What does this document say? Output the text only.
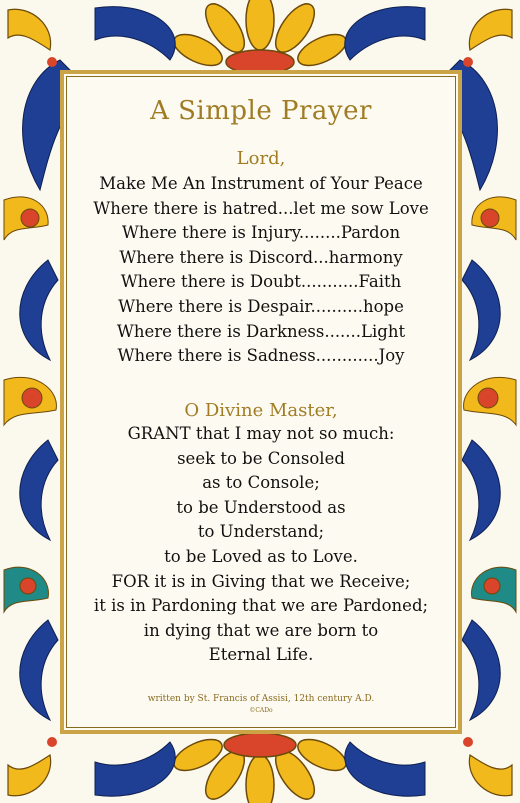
A Simple Prayer
Lord,
Make Me An Instrument of Your Peace
Where there is hatred...let me sow Love
Where there is Injury........Pardon
Where there is Discord...harmony
Where there is Doubt...........Faith
Where there is Despair..........hope
Where there is Darkness.......Light
Where there is Sadness............Joy
O Divine Master,
GRANT that I may not so much:
seek to be Consoled
as to Console;
to be Understood as
to Understand;
to be Loved as to Love.
FOR it is in Giving that we Receive;
it is in Pardoning that we are Pardoned;
in dying that we are born to
Eternal Life.
written by St. Francis of Assisi, 12th century A.D.
©CADo
